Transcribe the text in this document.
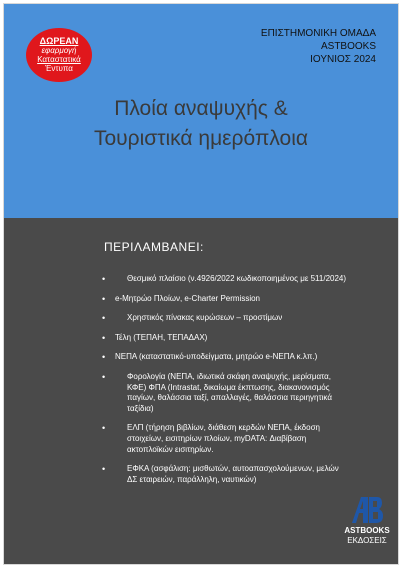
ΔΩΡΕΑΝ
εφαρμογή
Καταστατικά
Έντυπα
ΕΠΙΣΤΗΜΟΝΙΚΗ ΟΜΑΔΑ
ASTBOOKS
ΙΟΥΝΙΟΣ 2024
Πλοία αναψυχής &
Τουριστικά ημερόπλοια
ΠΕΡΙΛΑΜΒΑΝΕΙ:
• Θεσμικό πλαίσιο (ν.4926/2022 κωδικοποιημένος με 511/2024)
• e-Μητρώο Πλοίων, e-Charter Permission
• Χρηστικός πίνακας κυρώσεων – προστίμων
• Τέλη (ΤΕΠΑΗ, ΤΕΠΑΔΑΧ)
• ΝΕΠΑ (καταστατικό-υποδείγματα, μητρώο e-ΝΕΠΑ κ.λπ.)
• Φορολογία (ΝΕΠΑ, ιδιωτικά σκάφη αναψυχής, μερίσματα, ΚΦΕ) ΦΠΑ (Intrastat, δικαίωμα έκπτωσης, διακανονισμός παγίων, θαλάσσια ταξί, απαλλαγές, θαλάσσια περιηγητικά ταξίδια)
• ΕΛΠ (τήρηση βιβλίων, διάθεση κερδών ΝΕΠΑ, έκδοση στοιχείων, εισιτηρίων πλοίων, myDATA: Διαβίβαση ακτοπλοϊκών εισιτηρίων.
• ΕΦΚΑ (ασφάλιση: μισθωτών, αυτοαπασχολούμενων, μελών ΔΣ εταιρειών, παράλληλη, ναυτικών)
ASTBOOKS
ΕΚΔΟΣΕΙΣ
